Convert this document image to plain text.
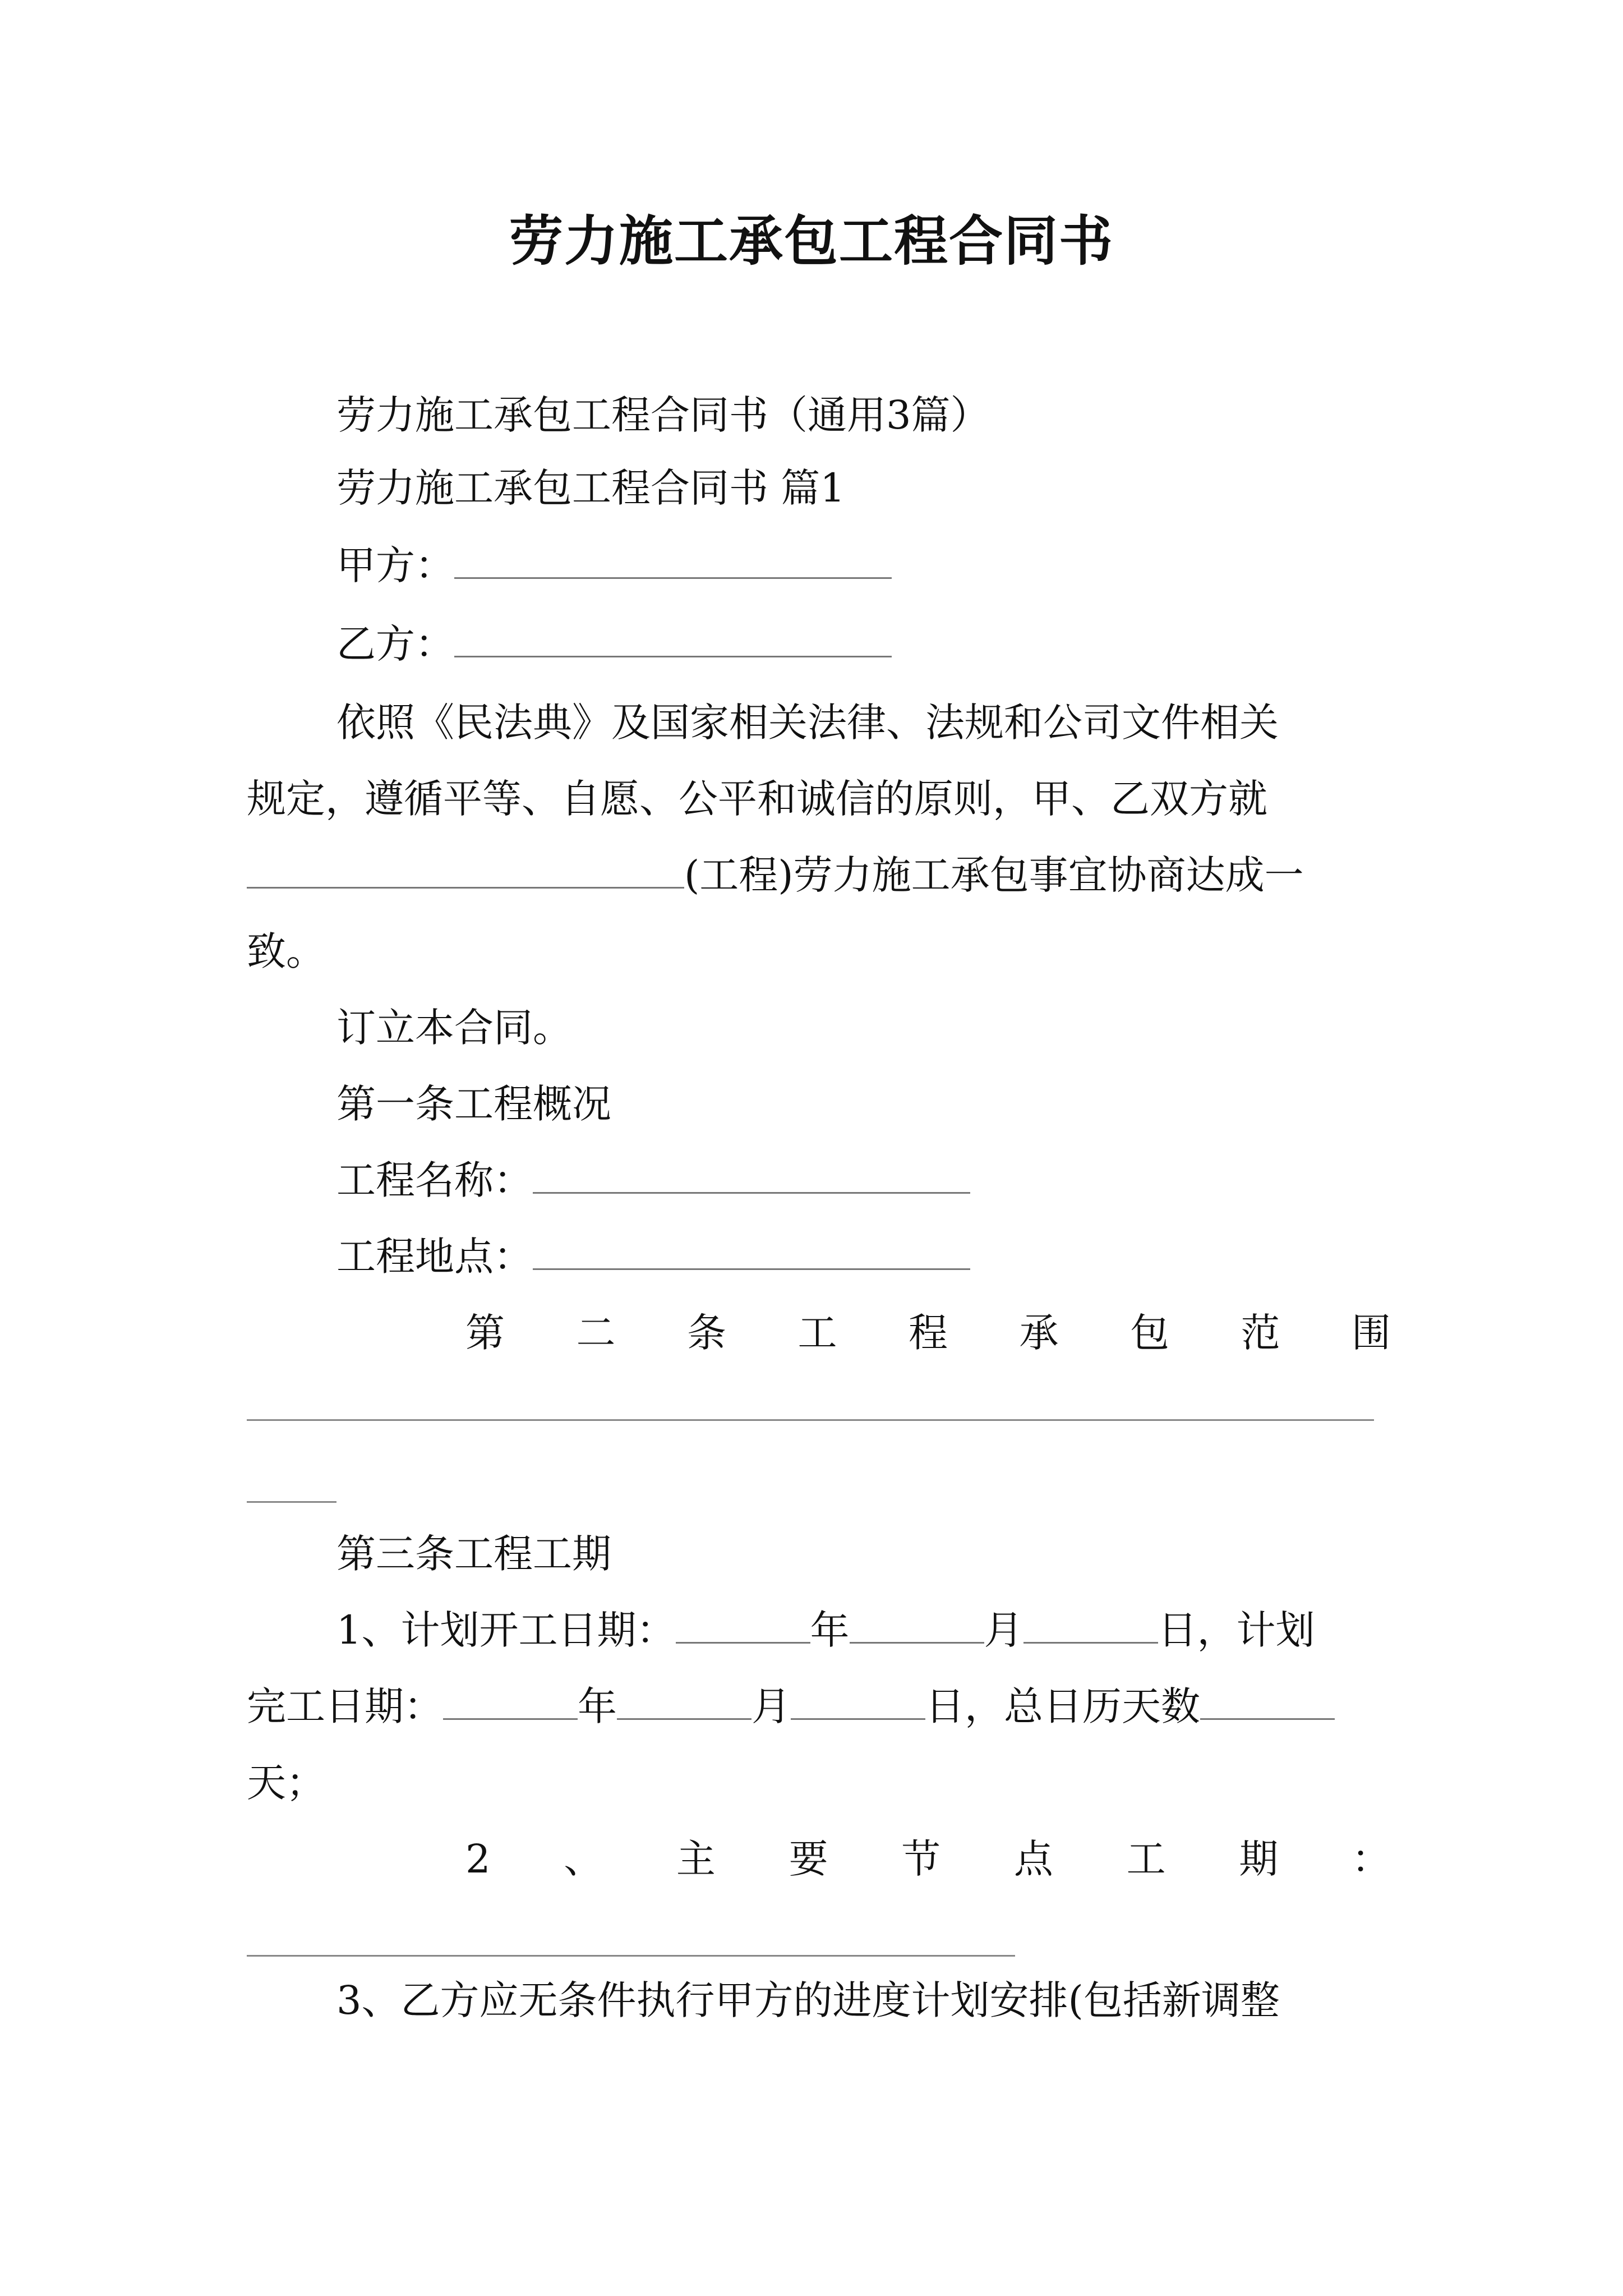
劳力施工承包工程合同书
劳力施工承包工程合同书（通用3篇）
劳力施工承包工程合同书 篇1
甲方：
乙方：
依照《民法典》及国家相关法律、法规和公司文件相关
规定，遵循平等、自愿、公平和诚信的原则，甲、乙双方就
(工程)劳力施工承包事宜协商达成一
致。
订立本合同。
第一条工程概况
工程名称：
工程地点：
第 二 条 工 程 承 包 范 围
第三条工程工期
1、计划开工日期：	年	月	日，计划
完工日期：	年	月	日，总日历天数
天；
2 、 主 要 节 点 工 期 ：
3、乙方应无条件执行甲方的进度计划安排(包括新调整
